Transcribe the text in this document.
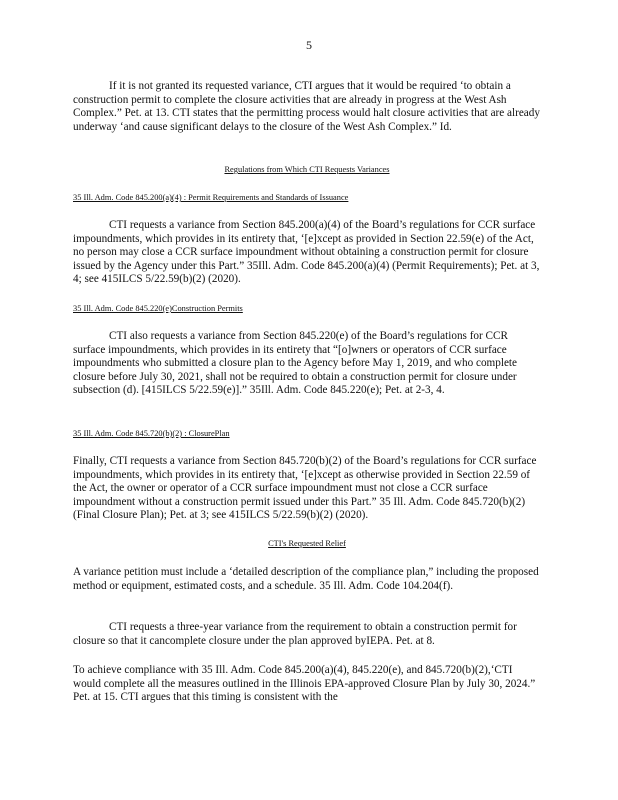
5

If it is not granted its requested variance, CTI argues that it would be required ‘to obtain a construction permit to complete the closure activities that are already in progress at the West Ash Complex.” Pet. at 13. CTI states that the permitting process would halt closure activities that are already underway ‘and cause significant delays to the closure of the West Ash Complex.” Id.

Regulations from Which CTI Requests Variances
35 Ill. Adm. Code 845.200(a)(4) : Permit Requirements and Standards of Issuance

CTI requests a variance from Section 845.200(a)(4) of the Board’s regulations for CCR surface impoundments, which provides in its entirety that, ‘[e]xcept as provided in Section 22.59(e) of the Act, no person may close a CCR surface impoundment without obtaining a construction permit for closure issued by the Agency under this Part.” 35Ill. Adm. Code 845.200(a)(4) (Permit Requirements); Pet. at 3, 4; see 415ILCS 5/22.59(b)(2) (2020).

35 Ill. Adm. Code 845.220(e)Construction Permits

CTI also requests a variance from Section 845.220(e) of the Board’s regulations for CCR surface impoundments, which provides in its entirety that “[o]wners or operators of CCR surface impoundments who submitted a closure plan to the Agency before May 1, 2019, and who complete closure before July 30, 2021, shall not be required to obtain a construction permit for closure under subsection (d). [415ILCS 5/22.59(e)].” 35Ill. Adm. Code 845.220(e); Pet. at 2-3, 4.

35 Ill. Adm. Code 845.720(b)(2) : ClosurePlan

Finally, CTI requests a variance from Section 845.720(b)(2) of the Board’s regulations for CCR surface impoundments, which provides in its entirety that, ‘[e]xcept as otherwise provided in Section 22.59 of the Act, the owner or operator of a CCR surface impoundment must not close a CCR surface impoundment without a construction permit issued under this Part.” 35 Ill. Adm. Code 845.720(b)(2) (Final Closure Plan); Pet. at 3; see 415ILCS 5/22.59(b)(2) (2020).

CTI's Requested Relief

A variance petition must include a ‘detailed description of the compliance plan,” including the proposed method or equipment, estimated costs, and a schedule. 35 Ill. Adm. Code 104.204(f).

CTI requests a three-year variance from the requirement to obtain a construction permit for closure so that it cancomplete closure under the plan approved byIEPA. Pet. at 8.

To achieve compliance with 35 Ill. Adm. Code 845.200(a)(4), 845.220(e), and 845.720(b)(2),‘CTI would complete all the measures outlined in the Illinois EPA-approved Closure Plan by July 30, 2024.” Pet. at 15. CTI argues that this timing is consistent with the
